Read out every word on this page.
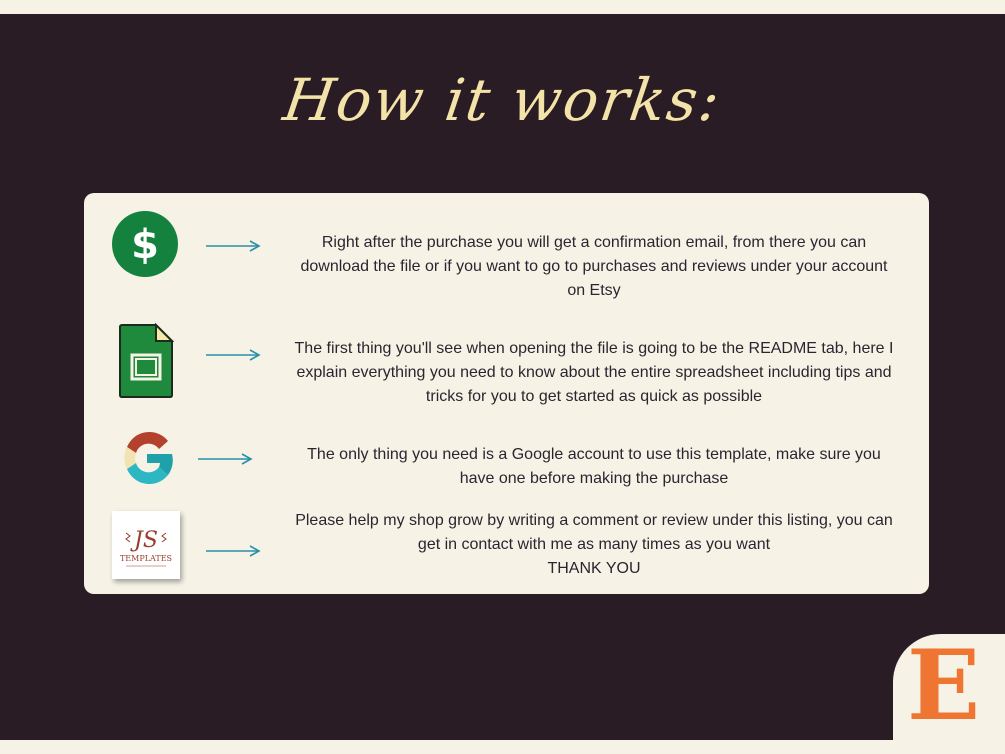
How it works:
$	Right after the purchase you will get a confirmation email, from there you can
download the file or if you want to go to purchases and reviews under your account
on Etsy
The first thing you'll see when opening the file is going to be the README tab, here I
explain everything you need to know about the entire spreadsheet including tips and
tricks for you to get started as quick as possible
The only thing you need is a Google account to use this template, make sure you
have one before making the purchase
JS
TEMPLATES
Please help my shop grow by writing a comment or review under this listing, you can
get in contact with me as many times as you want
THANK YOU
E
